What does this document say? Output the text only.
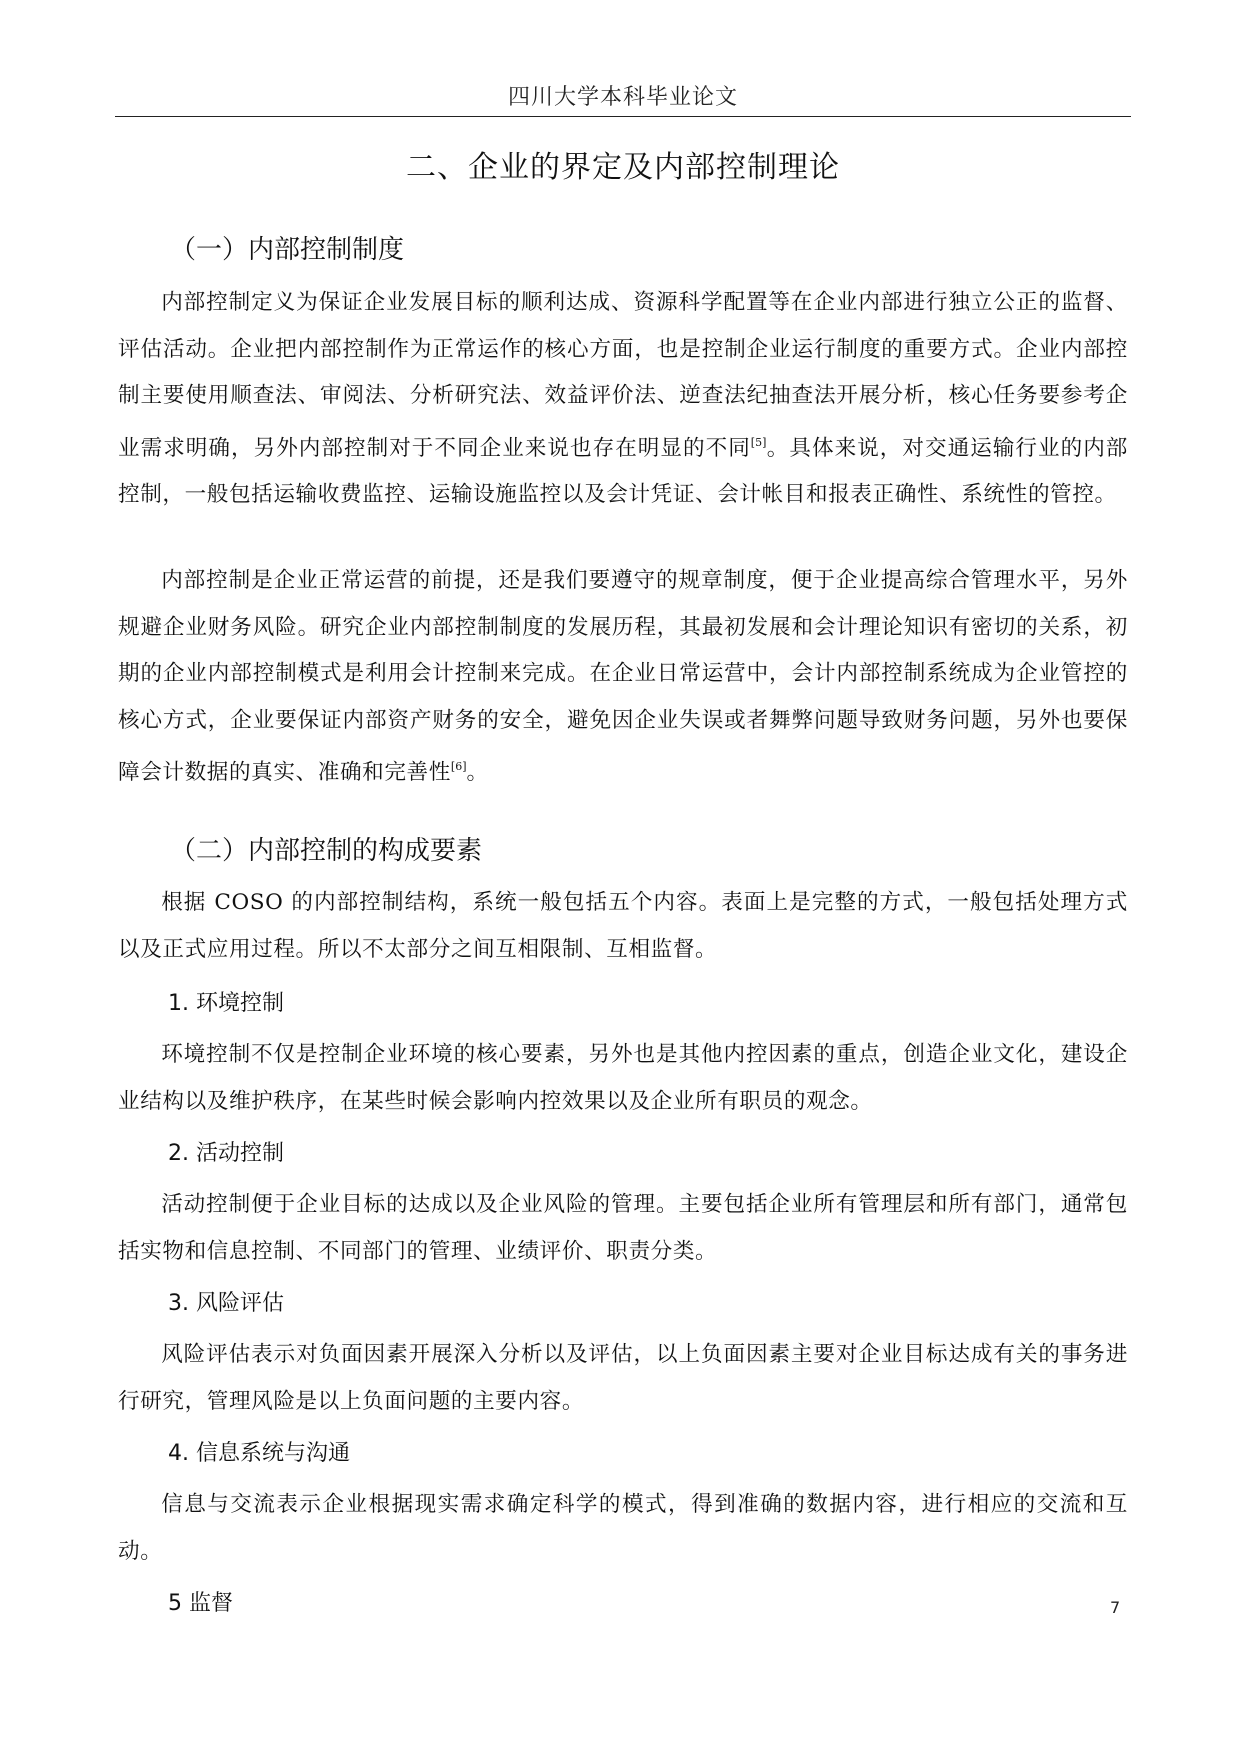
四川大学本科毕业论文
二、企业的界定及内部控制理论
（一）内部控制制度

内部控制定义为保证企业发展目标的顺利达成、资源科学配置等在企业内部进行独立公正的监督、评估活动。企业把内部控制作为正常运作的核心方面，也是控制企业运行制度的重要方式。企业内部控制主要使用顺查法、审阅法、分析研究法、效益评价法、逆查法纪抽查法开展分析，核心任务要参考企业需求明确，另外内部控制对于不同企业来说也存在明显的不同[5]。具体来说，对交通运输行业的内部控制，一般包括运输收费监控、运输设施监控以及会计凭证、会计帐目和报表正确性、系统性的管控。

内部控制是企业正常运营的前提，还是我们要遵守的规章制度，便于企业提高综合管理水平，另外规避企业财务风险。研究企业内部控制制度的发展历程，其最初发展和会计理论知识有密切的关系，初期的企业内部控制模式是利用会计控制来完成。在企业日常运营中，会计内部控制系统成为企业管控的核心方式，企业要保证内部资产财务的安全，避免因企业失误或者舞弊问题导致财务问题，另外也要保障会计数据的真实、准确和完善性[6]。

（二）内部控制的构成要素

根据 COSO 的内部控制结构，系统一般包括五个内容。表面上是完整的方式，一般包括处理方式以及正式应用过程。所以不太部分之间互相限制、互相监督。

1. 环境控制

环境控制不仅是控制企业环境的核心要素，另外也是其他内控因素的重点，创造企业文化，建设企业结构以及维护秩序，在某些时候会影响内控效果以及企业所有职员的观念。

2. 活动控制

活动控制便于企业目标的达成以及企业风险的管理。主要包括企业所有管理层和所有部门，通常包括实物和信息控制、不同部门的管理、业绩评价、职责分类。

3. 风险评估

风险评估表示对负面因素开展深入分析以及评估，以上负面因素主要对企业目标达成有关的事务进行研究，管理风险是以上负面问题的主要内容。

4. 信息系统与沟通

信息与交流表示企业根据现实需求确定科学的模式，得到准确的数据内容，进行相应的交流和互动。

5 监督	7
